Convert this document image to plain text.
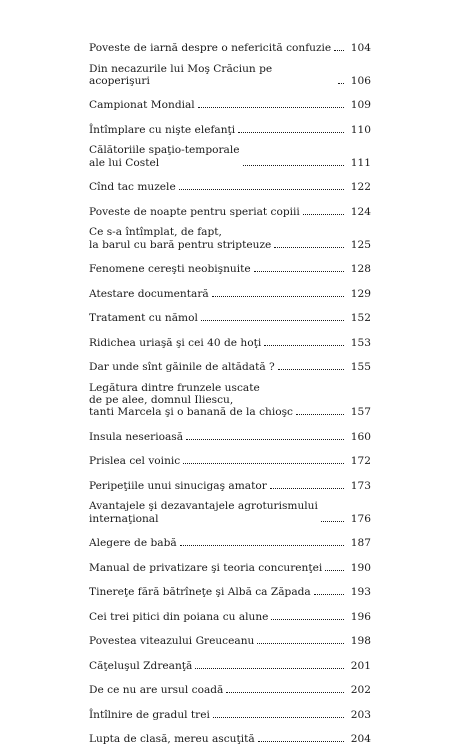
Poveste de iarnă despre o nefericită confuzie	104
Din necazurile lui Moş Crăciun pe acoperişuri	106
Campionat Mondial	109
Întîmplare cu nişte elefanţi	110
Călătoriile spaţio-temporale
ale lui Costel	111
Cînd tac muzele	122
Poveste de noapte pentru speriat copiii	124
Ce s-a întîmplat, de fapt,
la barul cu bară pentru stripteuze	125
Fenomene cereşti neobişnuite	128
Atestare documentară	129
Tratament cu nămol	152
Ridichea uriaşă şi cei 40 de hoţi	153
Dar unde sînt găinile de altădată ?	155
Legătura dintre frunzele uscate
de pe alee, domnul Iliescu,
tanti Marcela şi o banană de la chioşc	157
Insula neserioasă	160
Prislea cel voinic	172
Peripeţiile unui sinucigaş amator	173
Avantajele şi dezavantajele agroturismului
internaţional	176
Alegere de babă	187
Manual de privatizare şi teoria concurenţei	190
Tinereţe fără bătrîneţe şi Albă ca Zăpada	193
Cei trei pitici din poiana cu alune	196
Povestea viteazului Greuceanu	198
Căţeluşul Zdreanţă	201
De ce nu are ursul coadă	202
Întîlnire de gradul trei	203
Lupta de clasă, mereu ascuţită	204
